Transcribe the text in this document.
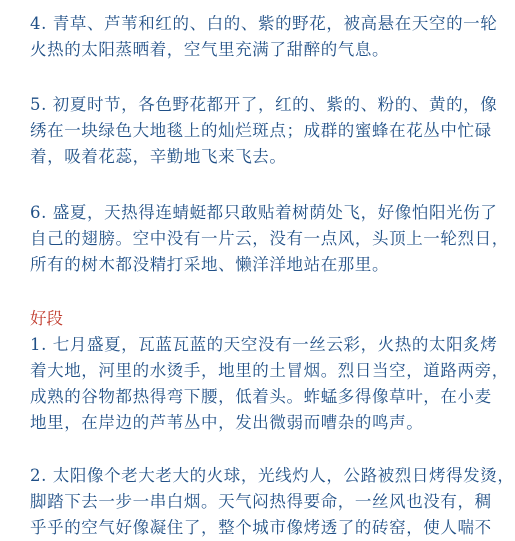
4. 青草、芦苇和红的、白的、紫的野花，被高悬在天空的一轮
火热的太阳蒸晒着，空气里充满了甜醉的气息。

5. 初夏时节，各色野花都开了，红的、紫的、粉的、黄的，像
绣在一块绿色大地毯上的灿烂斑点；成群的蜜蜂在花丛中忙碌
着，吸着花蕊，辛勤地飞来飞去。

6. 盛夏，天热得连蜻蜓都只敢贴着树荫处飞，好像怕阳光伤了
自己的翅膀。空中没有一片云，没有一点风，头顶上一轮烈日，
所有的树木都没精打采地、懒洋洋地站在那里。

好段

1. 七月盛夏，瓦蓝瓦蓝的天空没有一丝云彩，火热的太阳炙烤
着大地，河里的水烫手，地里的土冒烟。烈日当空，道路两旁，
成熟的谷物都热得弯下腰，低着头。蚱蜢多得像草叶，在小麦
地里，在岸边的芦苇丛中，发出微弱而嘈杂的鸣声。

2. 太阳像个老大老大的火球，光线灼人，公路被烈日烤得发烫，
脚踏下去一步一串白烟。天气闷热得要命，一丝风也没有，稠
乎乎的空气好像凝住了，整个城市像烤透了的砖窑，使人喘不
